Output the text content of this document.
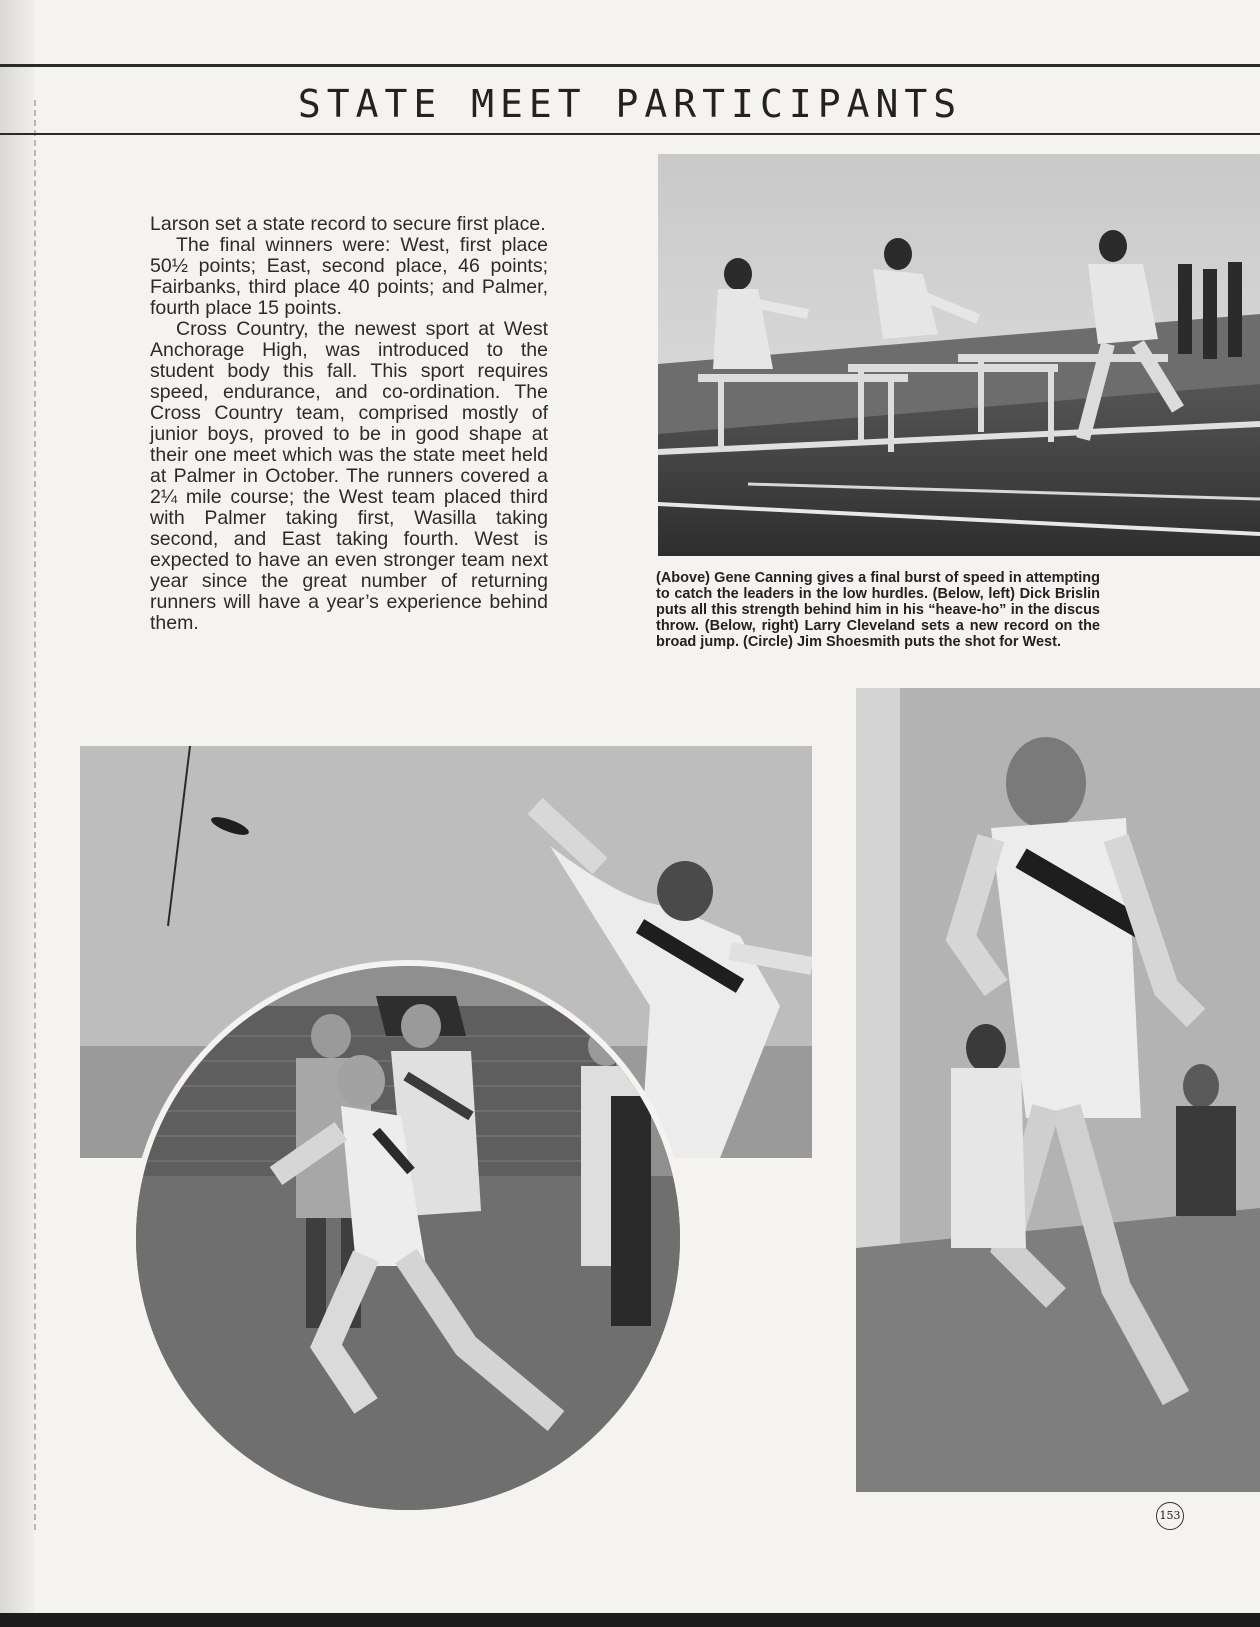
STATE MEET PARTICIPANTS

Larson set a state record to secure first place.

The final winners were: West, first place 50½ points; East, second place, 46 points; Fairbanks, third place 40 points; and Palmer, fourth place 15 points.

Cross Country, the newest sport at West Anchorage High, was introduced to the student body this fall. This sport requires speed, endurance, and co-ordination. The Cross Country team, comprised mostly of junior boys, proved to be in good shape at their one meet which was the state meet held at Palmer in October. The runners covered a 2¼ mile course; the West team placed third with Palmer taking first, Wasilla taking second, and East taking fourth. West is expected to have an even stronger team next year since the great number of returning runners will have a year’s experience behind them.

(Above) Gene Canning gives a final burst of speed in attempting to catch the leaders in the low hurdles. (Below, left) Dick Brislin puts all this strength behind him in his “heave-ho” in the discus throw. (Below, right) Larry Cleveland sets a new record on the broad jump. (Circle) Jim Shoesmith puts the shot for West.
153
